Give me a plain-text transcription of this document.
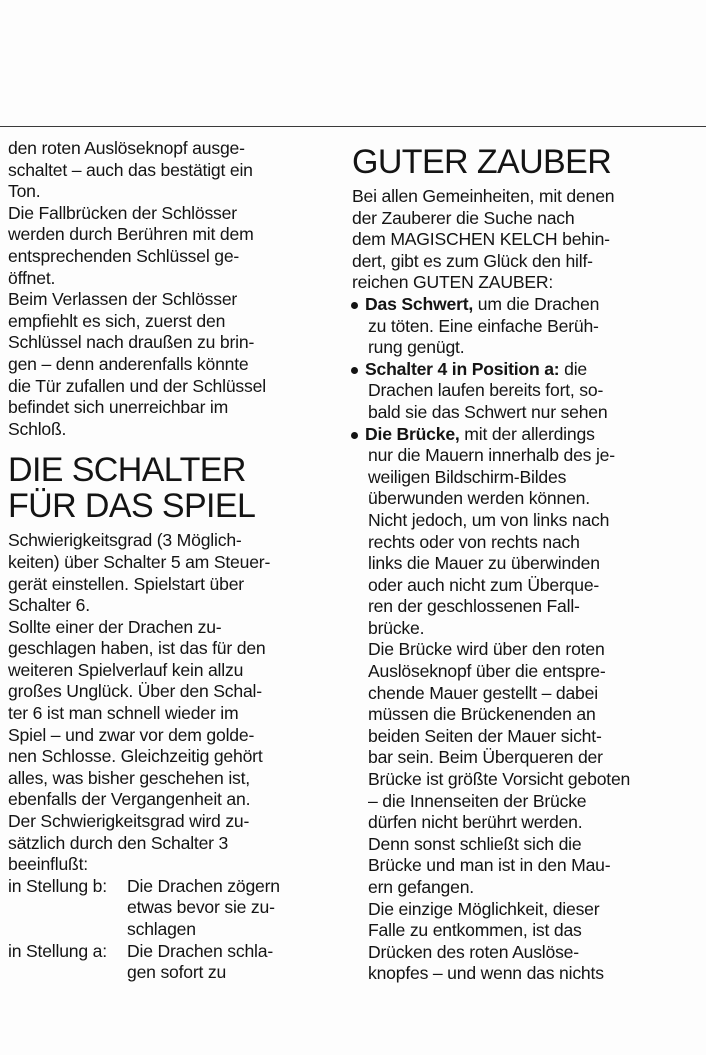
den roten Auslöseknopf ausge-
schaltet – auch das bestätigt ein
Ton.
Die Fallbrücken der Schlösser
werden durch Berühren mit dem
entsprechenden Schlüssel ge-
öffnet.
Beim Verlassen der Schlösser
empfiehlt es sich, zuerst den
Schlüssel nach draußen zu brin-
gen – denn anderenfalls könnte
die Tür zufallen und der Schlüssel
befindet sich unerreichbar im
Schloß.
DIE SCHALTER
FÜR DAS SPIEL
Schwierigkeitsgrad (3 Möglich-
keiten) über Schalter 5 am Steuer-
gerät einstellen. Spielstart über
Schalter 6.
Sollte einer der Drachen zu-
geschlagen haben, ist das für den
weiteren Spielverlauf kein allzu
großes Unglück. Über den Schal-
ter 6 ist man schnell wieder im
Spiel – und zwar vor dem golde-
nen Schlosse. Gleichzeitig gehört
alles, was bisher geschehen ist,
ebenfalls der Vergangenheit an.
Der Schwierigkeitsgrad wird zu-
sätzlich durch den Schalter 3
beeinflußt:
in Stellung b: Die Drachen zögern
etwas bevor sie zu-
schlagen
in Stellung a: Die Drachen schla-
gen sofort zu
GUTER ZAUBER
Bei allen Gemeinheiten, mit denen
der Zauberer die Suche nach
dem MAGISCHEN KELCH behin-
dert, gibt es zum Glück den hilf-
reichen GUTEN ZAUBER:
Das Schwert, um die Drachen
zu töten. Eine einfache Berüh-
rung genügt.
Schalter 4 in Position a: die
Drachen laufen bereits fort, so-
bald sie das Schwert nur sehen
Die Brücke, mit der allerdings
nur die Mauern innerhalb des je-
weiligen Bildschirm-Bildes
überwunden werden können.
Nicht jedoch, um von links nach
rechts oder von rechts nach
links die Mauer zu überwinden
oder auch nicht zum Überque-
ren der geschlossenen Fall-
brücke.
Die Brücke wird über den roten
Auslöseknopf über die entspre-
chende Mauer gestellt – dabei
müssen die Brückenenden an
beiden Seiten der Mauer sicht-
bar sein. Beim Überqueren der
Brücke ist größte Vorsicht geboten
– die Innenseiten der Brücke
dürfen nicht berührt werden.
Denn sonst schließt sich die
Brücke und man ist in den Mau-
ern gefangen.
Die einzige Möglichkeit, dieser
Falle zu entkommen, ist das
Drücken des roten Auslöse-
knopfes – und wenn das nichts
